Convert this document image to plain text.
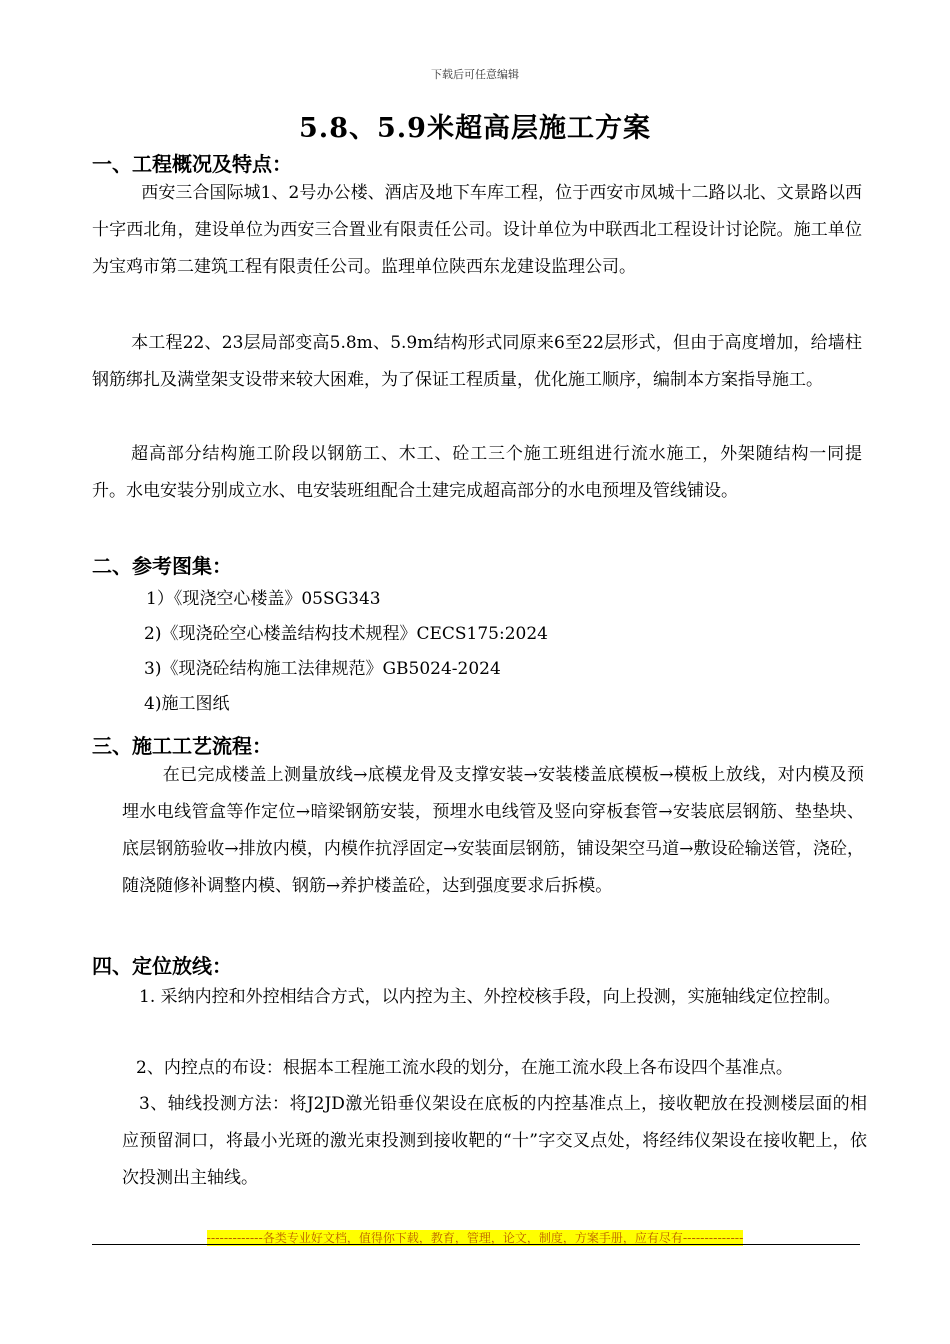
下载后可任意编辑
5.8、5.9米超高层施工方案
一、工程概况及特点：
西安三合国际城1、2号办公楼、酒店及地下车库工程，位于西安市凤城十二路以北、文景路以西十字西北角，建设单位为西安三合置业有限责任公司。设计单位为中联西北工程设计讨论院。施工单位为宝鸡市第二建筑工程有限责任公司。监理单位陕西东龙建设监理公司。
本工程22、23层局部变高5.8m、5.9m结构形式同原来6至22层形式，但由于高度增加，给墙柱钢筋绑扎及满堂架支设带来较大困难，为了保证工程质量，优化施工顺序，编制本方案指导施工。
超高部分结构施工阶段以钢筋工、木工、砼工三个施工班组进行流水施工，外架随结构一同提升。水电安装分别成立水、电安装班组配合土建完成超高部分的水电预埋及管线铺设。
二、参考图集：
1）《现浇空心楼盖》05SG343
2)《现浇砼空心楼盖结构技术规程》CECS175:2024
3)《现浇砼结构施工法律规范》GB5024-2024
4)施工图纸
三、施工工艺流程：
在已完成楼盖上测量放线→底模龙骨及支撑安装→安装楼盖底模板→模板上放线，对内模及预埋水电线管盒等作定位→暗梁钢筋安装，预埋水电线管及竖向穿板套管→安装底层钢筋、垫垫块、底层钢筋验收→排放内模，内模作抗浮固定→安装面层钢筋，铺设架空马道→敷设砼输送管，浇砼，随浇随修补调整内模、钢筋→养护楼盖砼，达到强度要求后拆模。
四、定位放线：
1. 采纳内控和外控相结合方式，以内控为主、外控校核手段，向上投测，实施轴线定位控制。
2、内控点的布设：根据本工程施工流水段的划分，在施工流水段上各布设四个基准点。
3、轴线投测方法：将J2JD激光铅垂仪架设在底板的内控基准点上，接收靶放在投测楼层面的相应预留洞口，将最小光斑的激光束投测到接收靶的“十”字交叉点处，将经纬仪架设在接收靶上，依次投测出主轴线。
-------------各类专业好文档，值得你下载，教育，管理，论文，制度，方案手册，应有尽有--------------
